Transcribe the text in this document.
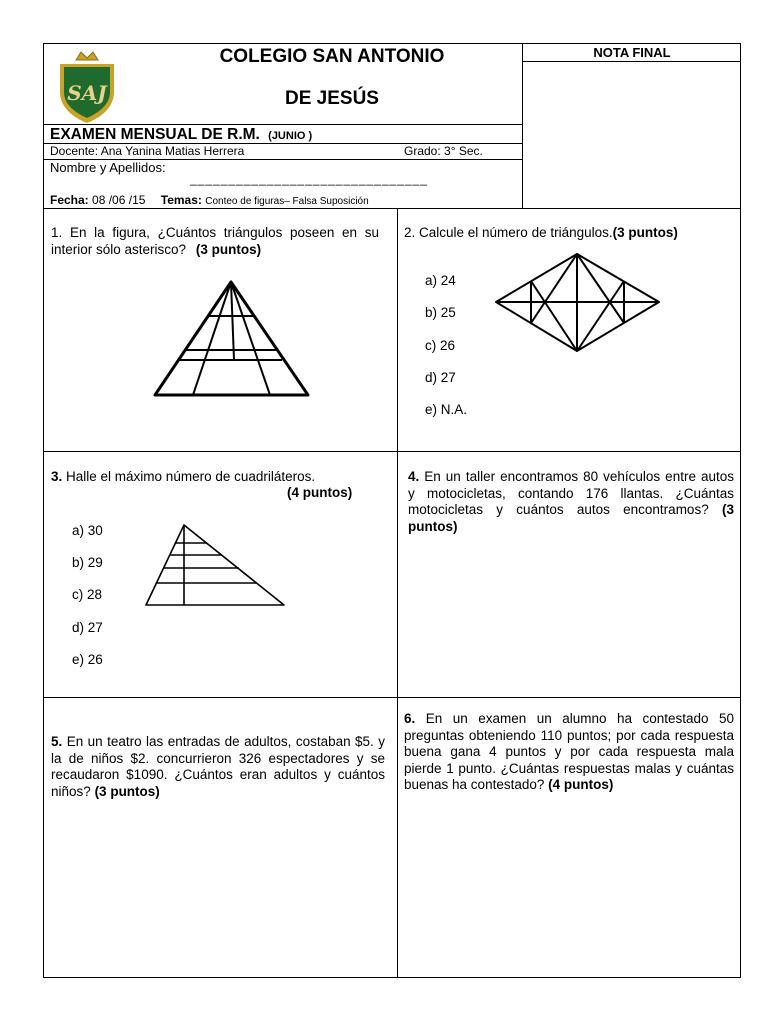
SAJ
COLEGIO SAN ANTONIO
DE JESÚS
NOTA FINAL
EXAMEN MENSUAL DE R.M. (JUNIO )
Docente: Ana Yanina Matias Herrera	Grado: 3° Sec.
Nombre y Apellidos:
_______________________________
Fecha: 08 /06 /15 Temas: Conteo de figuras– Falsa Suposición
1. En la figura, ¿Cuántos triángulos poseen en su interior sólo asterisco? (3 puntos)
2. Calcule el número de triángulos.(3 puntos)
a) 24
b) 25
c) 26
d) 27
e) N.A.
3. Halle el máximo número de cuadriláteros.
(4 puntos)
a) 30
b) 29
c) 28
d) 27
e) 26
4. En un taller encontramos 80 vehículos entre autos y motocicletas, contando 176 llantas. ¿Cuántas motocicletas y cuántos autos encontramos? (3 puntos)
5. En un teatro las entradas de adultos, costaban $5. y la de niños $2. concurrieron 326 espectadores y se recaudaron $1090. ¿Cuántos eran adultos y cuántos niños? (3 puntos)
6. En un examen un alumno ha contestado 50 preguntas obteniendo 110 puntos; por cada respuesta buena gana 4 puntos y por cada respuesta mala pierde 1 punto. ¿Cuántas respuestas malas y cuántas buenas ha contestado? (4 puntos)
